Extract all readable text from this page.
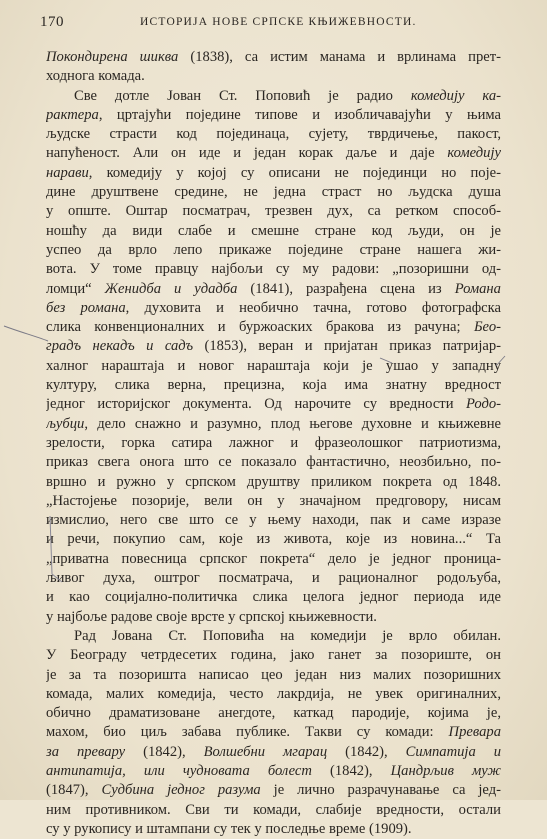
170	ИСТОРИЈА НОВЕ СРПСКЕ КЊИЖЕВНОСТИ.
Покондирена шиква (1838), са истим манама и врлинама прет-
ходнога комада.
Све дотле Јован Ст. Поповић је радио комедију ка-
рактера, цртајући поједине типове и изобличавајући у њима
људске страсти код појединаца, сујету, тврдичење, пакост,
напућеност. Али он иде и један корак даље и даје комедију
нарави, комедију у којој су описани не појединци но поје-
дине друштвене средине, не једна страст но људска душа
у опште. Оштар посматрач, трезвен дух, са ретком способ-
ношћу да види слабе и смешне стране код људи, он је
успео да врло лепо прикаже поједине стране нашега жи-
вота. У томе правцу најбољи су му радови: „позоришни од-
ломци“ Женидба и удадба (1841), разрађена сцена из Романа
без романа, духовита и необично тачна, готово фотографска
слика конвенционалних и буржоаских бракова из рачуна; Бео-
градъ некадъ и садъ (1853), веран и пријатан приказ патријар-
халног нараштаја и новог нараштаја који је ушао у западну
културу, слика верна, прецизна, која има знатну вредност
једног историјског документа. Од нарочите су вредности Родо-
љубци, дело снажно и разумно, плод његове духовне и књижевне
зрелости, горка сатира лажног и фразеолошког патриотизма,
приказ свега онога што се показало фантастично, неозбиљно, по-
вршно и ружно у српском друштву приликом покрета од 1848.
„Настојење позорије, вели он у значајном предговору, нисам
измислио, него све што се у њему находи, пак и саме изразе
и речи, покупио сам, које из живота, које из новина...“ Та
„приватна повесница српског покрета“ дело је једног проница-
љивог духа, оштрог посматрача, и рационалног родољуба,
и као социјално-политичка слика целога једног периода иде
у најбоље радове своје врсте у српској књижевности.
Рад Јована Ст. Поповића на комедији је врло обилан.
У Београду четрдесетих година, јако ганет за позориште, он
је за та позоришта написао цео један низ малих позоришних
комада, малих комедија, често лакрдија, не увек оригиналних,
обично драматизоване анегдоте, каткад пародије, којима је,
махом, био циљ забава публике. Такви су комади: Превара
за превару (1842), Волшебни мгарац (1842), Симпатија и
антипатија, или чудновата болест (1842), Цандрљив муж
(1847), Судбина једног разума је лично разрачунавање са јед-
ним противником. Сви ти комади, слабије вредности, остали
су у рукопису и штампани су тек у последње време (1909).
